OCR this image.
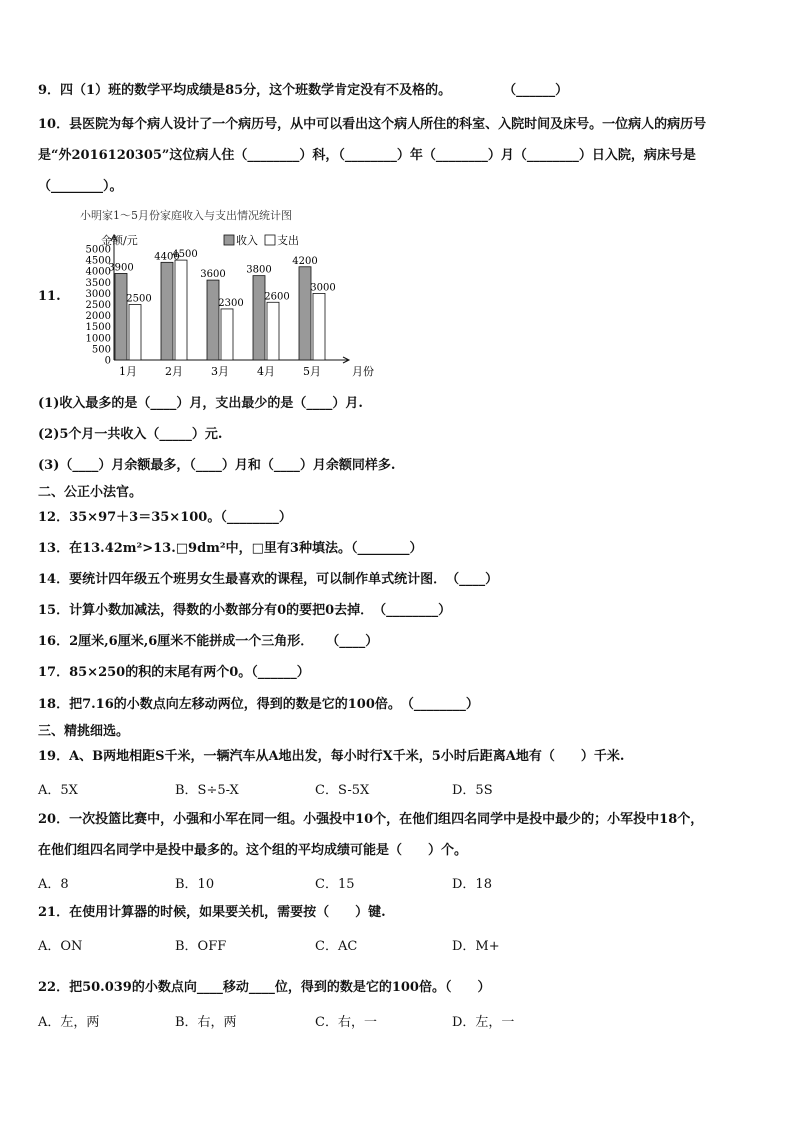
9．四（1）班的数学平均成绩是85分，这个班数学肯定没有不及格的。　　　　　（______）
10．县医院为每个病人设计了一个病历号，从中可以看出这个病人所住的科室、入院时间及床号。一位病人的病历号
是“外2016120305”这位病人住（________）科，（________）年（________）月（________）日入院，病床号是
（________）。
11.
小明家1～5月份家庭收入与支出情况统计图
金额/元	收入 支出
月份
5000
4500
4000
3500
3000
2500
2000
1500
1000
500
0
3900
2500
1月
4400
4500
2月
3600
2300
3月
3800
2600
4月
4200
3000
5月
(1)收入最多的是（____）月，支出最少的是（____）月.
(2)5个月一共收入（_____）元.
(3)（____）月余额最多，（____）月和（____）月余额同样多.
二、公正小法官。
12．35×97＋3＝35×100。（________）
13．在13.42m²>13.□9dm²中，□里有3种填法。（________）
14．要统计四年级五个班男女生最喜欢的课程，可以制作单式统计图．　（____）
15．计算小数加减法，得数的小数部分有0的要把0去掉．　（________）
16．2厘米,6厘米,6厘米不能拼成一个三角形．　　（____）
17．85×250的积的末尾有两个0。（______）
18．把7.16的小数点向左移动两位，得到的数是它的100倍。　（________）
三、精挑细选。
19．A、B两地相距S千米，一辆汽车从A地出发，每小时行X千米，5小时后距离A地有（　　）千米.
A．5X	B．S÷5-X	C．S-5X	D．5S
20．一次投篮比赛中，小强和小军在同一组。小强投中10个，在他们组四名同学中是投中最少的；小军投中18个，
在他们组四名同学中是投中最多的。这个组的平均成绩可能是（　　）个。
A．8	B．10	C．15	D．18
21．在使用计算器的时候，如果要关机，需要按（　　）键.
A．ON	B．OFF	C．AC	D．M+
22．把50.039的小数点向____移动____位，得到的数是它的100倍。（　　）
A．左，两	B．右，两	C．右，一	D．左，一
